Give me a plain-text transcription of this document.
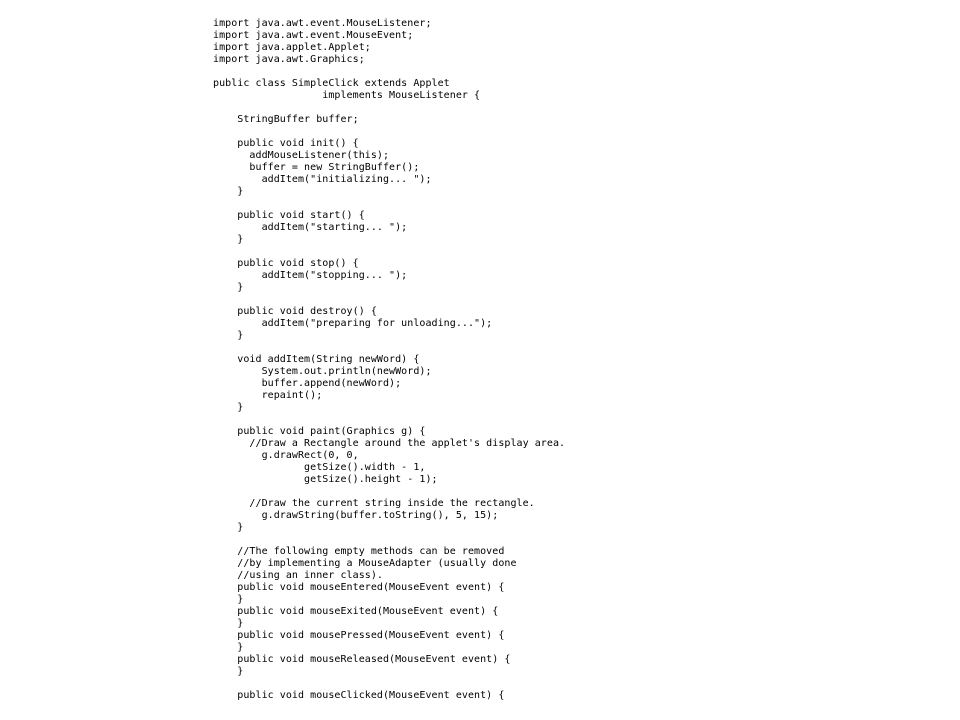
import java.awt.event.MouseListener;
import java.awt.event.MouseEvent;
import java.applet.Applet;
import java.awt.Graphics;
public class SimpleClick extends Applet
implements MouseListener {
StringBuffer buffer;
public void init() {
addMouseListener(this);
buffer = new StringBuffer();
addItem("initializing... ");
}
public void start() {
addItem("starting... ");
}
public void stop() {
addItem("stopping... ");
}
public void destroy() {
addItem("preparing for unloading...");
}
void addItem(String newWord) {
System.out.println(newWord);
buffer.append(newWord);
repaint();
}
public void paint(Graphics g) {
//Draw a Rectangle around the applet's display area.
g.drawRect(0, 0,
getSize().width - 1,
getSize().height - 1);
//Draw the current string inside the rectangle.
g.drawString(buffer.toString(), 5, 15);
}
//The following empty methods can be removed
//by implementing a MouseAdapter (usually done
//using an inner class).
public void mouseEntered(MouseEvent event) {
}
public void mouseExited(MouseEvent event) {
}
public void mousePressed(MouseEvent event) {
}
public void mouseReleased(MouseEvent event) {
}
public void mouseClicked(MouseEvent event) {
